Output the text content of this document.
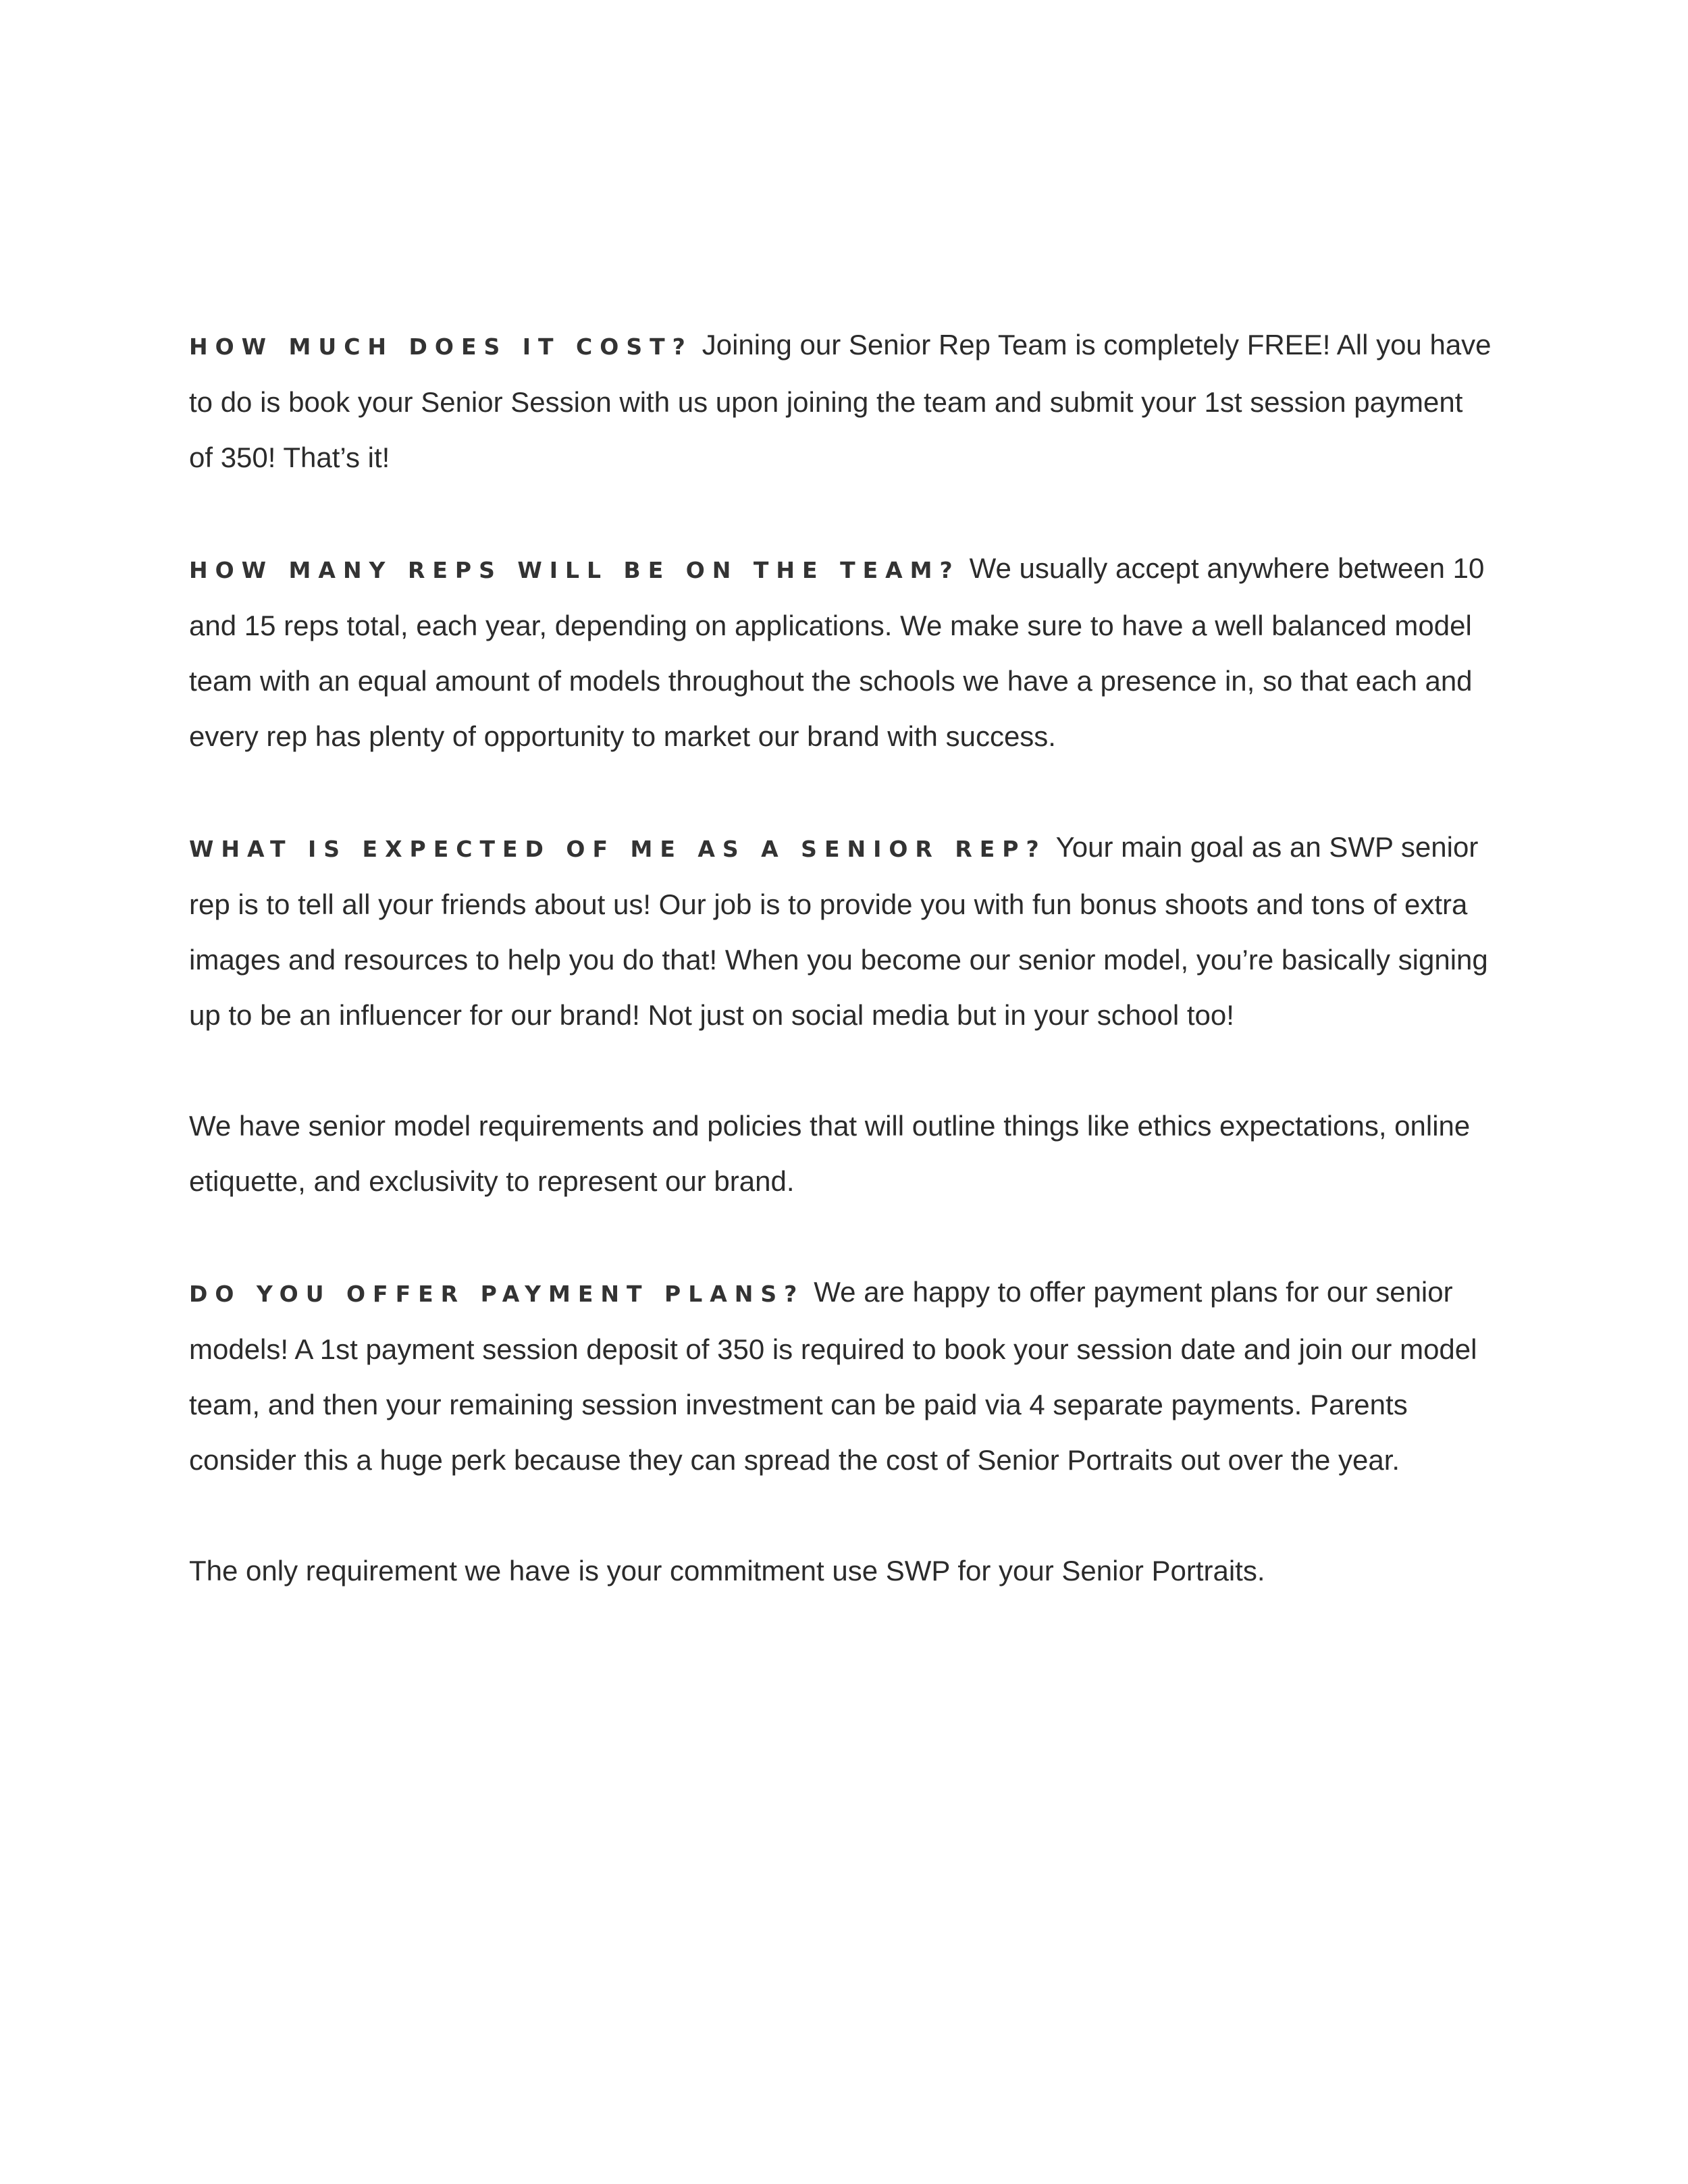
HOW MUCH DOES IT COST? Joining our Senior Rep Team is completely FREE! All you have to do is book your Senior Session with us upon joining the team and submit your 1st session payment of 350! That’s it!

HOW MANY REPS WILL BE ON THE TEAM? We usually accept anywhere between 10 and 15 reps total, each year, depending on applications. We make sure to have a well balanced model team with an equal amount of models throughout the schools we have a presence in, so that each and every rep has plenty of opportunity to market our brand with success.

WHAT IS EXPECTED OF ME AS A SENIOR REP? Your main goal as an SWP senior rep is to tell all your friends about us! Our job is to provide you with fun bonus shoots and tons of extra images and resources to help you do that! When you become our senior model, you’re basically signing up to be an influencer for our brand! Not just on social media but in your school too!

We have senior model requirements and policies that will outline things like ethics expectations, online etiquette, and exclusivity to represent our brand.

DO YOU OFFER PAYMENT PLANS? We are happy to offer payment plans for our senior models! A 1st payment session deposit of 350 is required to book your session date and join our model team, and then your remaining session investment can be paid via 4 separate payments. Parents consider this a huge perk because they can spread the cost of Senior Portraits out over the year.

The only requirement we have is your commitment use SWP for your Senior Portraits.
